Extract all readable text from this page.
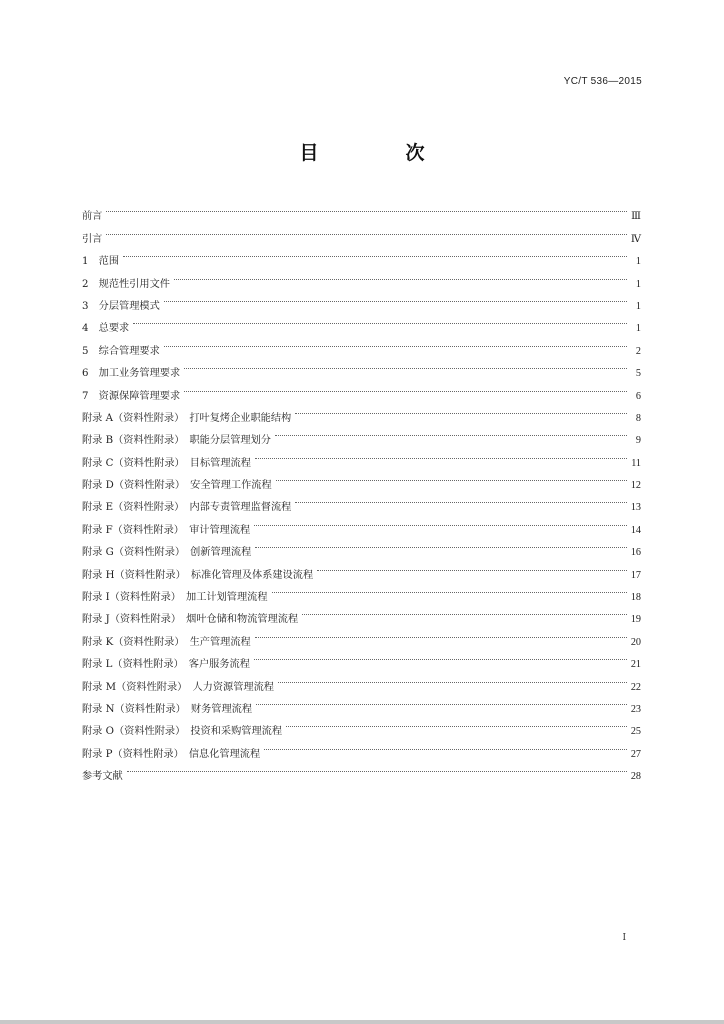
YC/T 536—2015
目　次
前言	Ⅲ
引言	Ⅳ
1　范围	1
2　规范性引用文件	1
3　分层管理模式	1
4　总要求	1
5　综合管理要求	2
6　加工业务管理要求	5
7　资源保障管理要求	6
附录 A（资料性附录）　打叶复烤企业职能结构	8
附录 B（资料性附录）　职能分层管理划分	9
附录 C（资料性附录）　目标管理流程	11
附录 D（资料性附录）　安全管理工作流程	12
附录 E（资料性附录）　内部专责管理监督流程	13
附录 F（资料性附录）　审计管理流程	14
附录 G（资料性附录）　创新管理流程	16
附录 H（资料性附录）　标准化管理及体系建设流程	17
附录 I（资料性附录）　加工计划管理流程	18
附录 J（资料性附录）　烟叶仓储和物流管理流程	19
附录 K（资料性附录）　生产管理流程	20
附录 L（资料性附录）　客户服务流程	21
附录 M（资料性附录）　人力资源管理流程	22
附录 N（资料性附录）　财务管理流程	23
附录 O（资料性附录）　投资和采购管理流程	25
附录 P（资料性附录）　信息化管理流程	27
参考文献	28
Ⅰ
